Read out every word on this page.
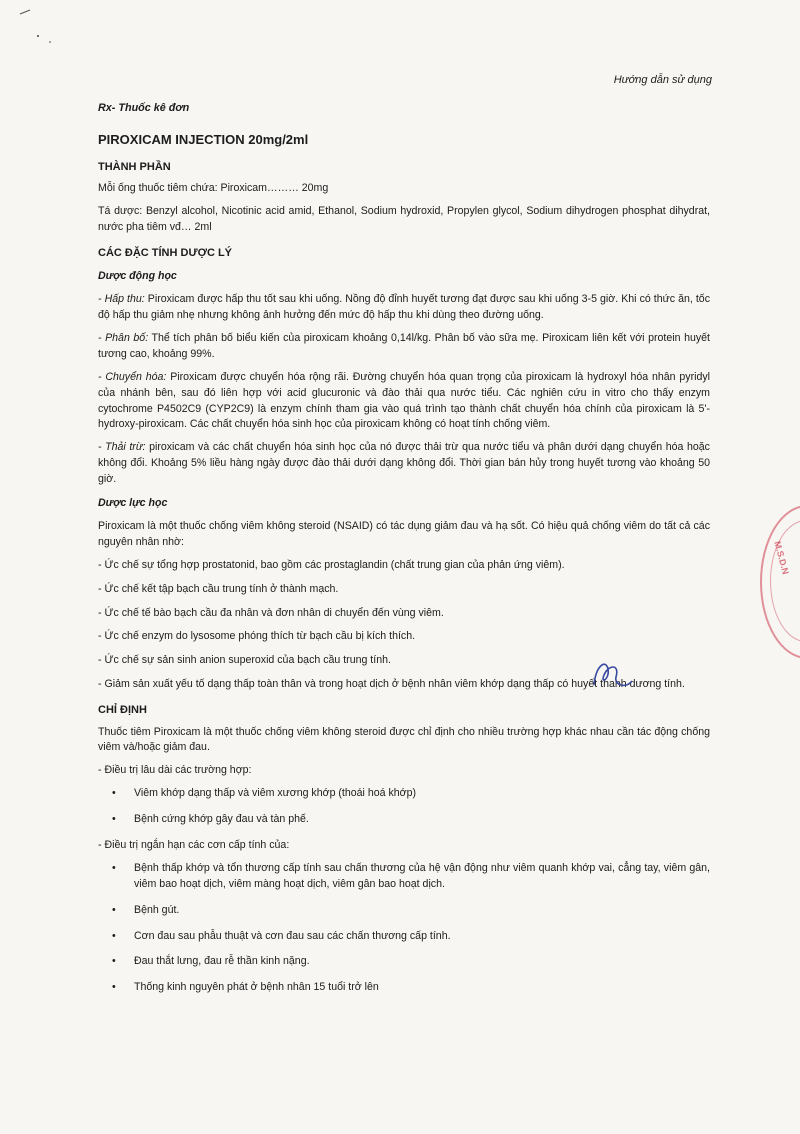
Hướng dẫn sử dụng
Rx- Thuốc kê đơn
PIROXICAM INJECTION 20mg/2ml
THÀNH PHẦN

Mỗi ống thuốc tiêm chứa: Piroxicam……… 20mg

Tá dược: Benzyl alcohol, Nicotinic acid amid, Ethanol, Sodium hydroxid, Propylen glycol, Sodium dihydrogen phosphat dihydrat, nước pha tiêm vđ… 2ml

CÁC ĐẶC TÍNH DƯỢC LÝ
Dược động học

- Hấp thu: Piroxicam được hấp thu tốt sau khi uống. Nồng độ đỉnh huyết tương đạt được sau khi uống 3-5 giờ. Khi có thức ăn, tốc độ hấp thu giảm nhẹ nhưng không ảnh hưởng đến mức độ hấp thu khi dùng theo đường uống.

- Phân bố: Thể tích phân bố biểu kiến của piroxicam khoảng 0,14l/kg. Phân bố vào sữa mẹ. Piroxicam liên kết với protein huyết tương cao, khoảng 99%.

- Chuyển hóa: Piroxicam được chuyển hóa rộng rãi. Đường chuyển hóa quan trọng của piroxicam là hydroxyl hóa nhân pyridyl của nhánh bên, sau đó liên hợp với acid glucuronic và đào thải qua nước tiểu. Các nghiên cứu in vitro cho thấy enzym cytochrome P4502C9 (CYP2C9) là enzym chính tham gia vào quá trình tạo thành chất chuyển hóa chính của piroxicam là 5'-hydroxy-piroxicam. Các chất chuyển hóa sinh học của piroxicam không có hoạt tính chống viêm.

- Thải trừ: piroxicam và các chất chuyển hóa sinh học của nó được thải trừ qua nước tiểu và phân dưới dạng chuyển hóa hoặc không đổi. Khoảng 5% liều hàng ngày được đào thải dưới dạng không đổi. Thời gian bán hủy trong huyết tương vào khoảng 50 giờ.

Dược lực học

Piroxicam là một thuốc chống viêm không steroid (NSAID) có tác dụng giảm đau và hạ sốt. Có hiệu quả chống viêm do tất cả các nguyên nhân nhờ:

- Ức chế sự tổng hợp prostatonid, bao gồm các prostaglandin (chất trung gian của phản ứng viêm).

- Ức chế kết tập bạch cầu trung tính ở thành mạch.

- Ức chế tế bào bạch cầu đa nhân và đơn nhân di chuyển đến vùng viêm.

- Ức chế enzym do lysosome phóng thích từ bạch cầu bị kích thích.

- Ức chế sự sản sinh anion superoxid của bạch cầu trung tính.

- Giảm sản xuất yếu tố dạng thấp toàn thân và trong hoạt dịch ở bệnh nhân viêm khớp dạng thấp có huyết thanh dương tính.

CHỈ ĐỊNH

Thuốc tiêm Piroxicam là một thuốc chống viêm không steroid được chỉ định cho nhiều trường hợp khác nhau cần tác động chống viêm và/hoặc giảm đau.

- Điều trị lâu dài các trường hợp:

• Viêm khớp dạng thấp và viêm xương khớp (thoái hoá khớp)
• Bệnh cứng khớp gây đau và tàn phế.

- Điều trị ngắn hạn các cơn cấp tính của:

• Bệnh thấp khớp và tổn thương cấp tính sau chấn thương của hệ vận động như viêm quanh khớp vai, cẳng tay, viêm gân, viêm bao hoạt dịch, viêm màng hoạt dịch, viêm gân bao hoạt dịch.
• Bệnh gút.
• Cơn đau sau phẫu thuật và cơn đau sau các chấn thương cấp tính.
• Đau thắt lưng, đau rễ thần kinh nặng.
• Thống kinh nguyên phát ở bệnh nhân 15 tuổi trở lên
M.S.D.N
